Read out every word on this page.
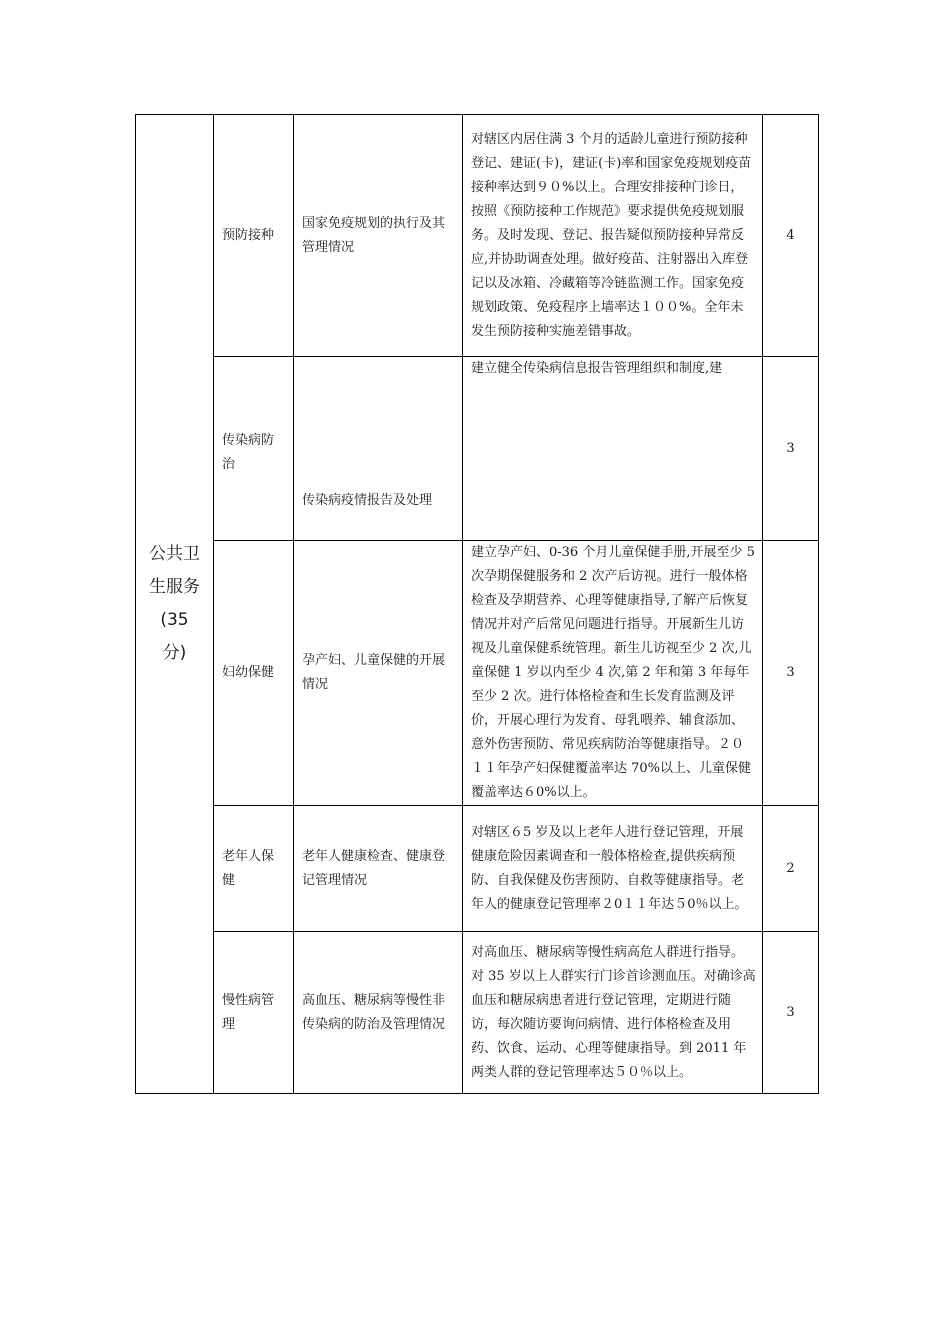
公共卫
生服务
(35
分)	预防接种	国家免疫规划的执行及其管理情况	对辖区内居住满 3 个月的适龄儿童进行预防接种登记、建证(卡)，建证(卡)率和国家免疫规划疫苗接种率达到９０%以上。合理安排接种门诊日，按照《预防接种工作规范》要求提供免疫规划服务。及时发现、登记、报告疑似预防接种异常反应,并协助调查处理。做好疫苗、注射器出入库登记以及冰箱、冷藏箱等冷链监测工作。国家免疫规划政策、免疫程序上墙率达１００%。全年未发生预防接种实施差错事故。	4
	传染病防治	传染病疫情报告及处理	建立健全传染病信息报告管理组织和制度,建	3
	妇幼保健	孕产妇、儿童保健的开展情况	建立孕产妇、0-36 个月儿童保健手册,开展至少 5 次孕期保健服务和 2 次产后访视。进行一般体格检查及孕期营养、心理等健康指导,了解产后恢复情况并对产后常见问题进行指导。开展新生儿访视及儿童保健系统管理。新生儿访视至少 2 次,儿童保健 1 岁以内至少 4 次,第 2 年和第 3 年每年至少 2 次。进行体格检查和生长发育监测及评价，开展心理行为发育、母乳喂养、辅食添加、意外伤害预防、常见疾病防治等健康指导。２０１１年孕产妇保健覆盖率达 70%以上、儿童保健覆盖率达６0%以上。	3
	老年人保健	老年人健康检查、健康登记管理情况	对辖区６5 岁及以上老年人进行登记管理，开展健康危险因素调查和一般体格检查,提供疾病预防、自我保健及伤害预防、自救等健康指导。老年人的健康登记管理率２0１１年达５0％以上。	2
	慢性病管理	高血压、糖尿病等慢性非传染病的防治及管理情况	对高血压、糖尿病等慢性病高危人群进行指导。对 35 岁以上人群实行门诊首诊测血压。对确诊高血压和糖尿病患者进行登记管理，定期进行随访，每次随访要询问病情、进行体格检查及用药、饮食、运动、心理等健康指导。到 2011 年两类人群的登记管理率达５０％以上。	3
